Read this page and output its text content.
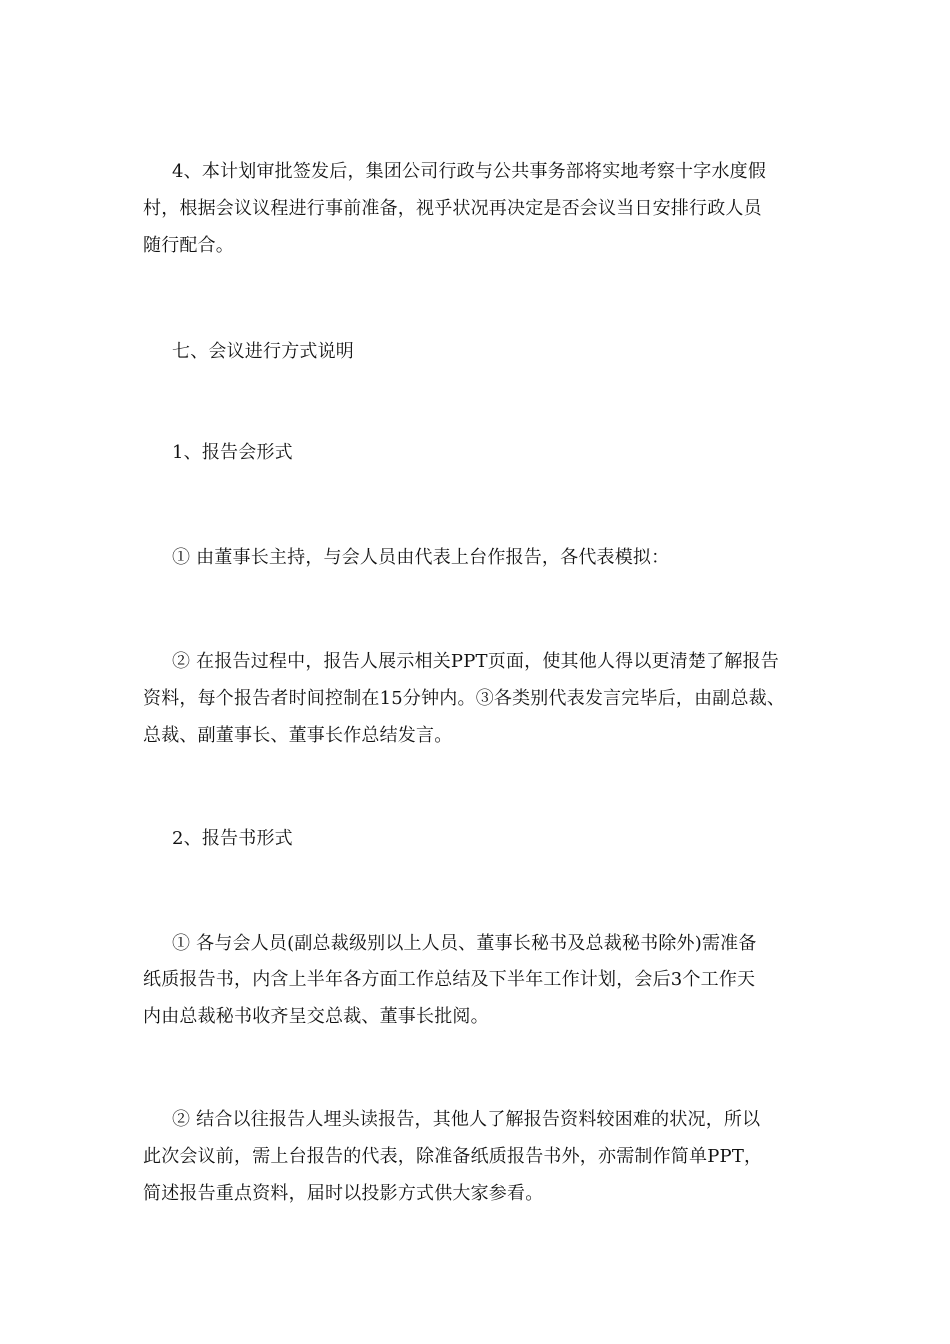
4、本计划审批签发后，集团公司行政与公共事务部将实地考察十字水度假
村，根据会议议程进行事前准备，视乎状况再决定是否会议当日安排行政人员
随行配合。
七、会议进行方式说明
1、报告会形式
① 由董事长主持，与会人员由代表上台作报告，各代表模拟：
② 在报告过程中，报告人展示相关PPT页面，使其他人得以更清楚了解报告
资料，每个报告者时间控制在15分钟内。③各类别代表发言完毕后，由副总裁、
总裁、副董事长、董事长作总结发言。
2、报告书形式
① 各与会人员(副总裁级别以上人员、董事长秘书及总裁秘书除外)需准备
纸质报告书，内含上半年各方面工作总结及下半年工作计划，会后3个工作天
内由总裁秘书收齐呈交总裁、董事长批阅。
② 结合以往报告人埋头读报告，其他人了解报告资料较困难的状况，所以
此次会议前，需上台报告的代表，除准备纸质报告书外，亦需制作简单PPT，
简述报告重点资料，届时以投影方式供大家参看。
